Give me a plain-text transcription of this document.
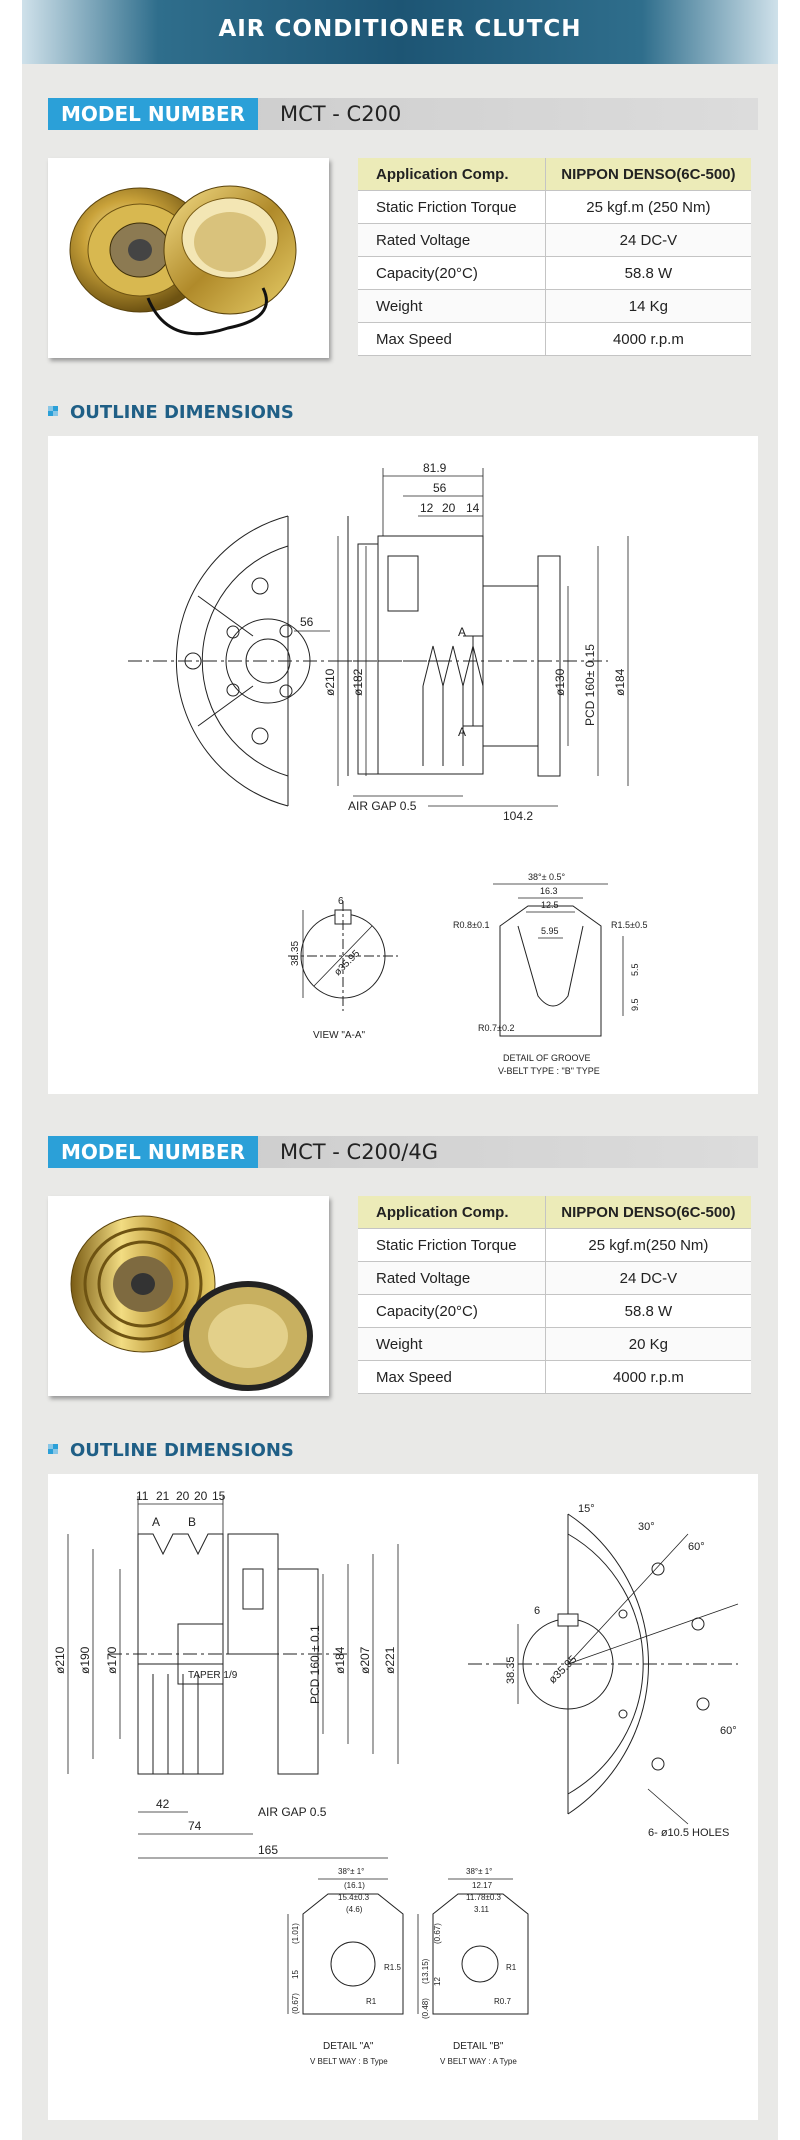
AIR CONDITIONER CLUTCH
MODEL NUMBER	MCT - C200
Application Comp.	NIPPON DENSO(6C-500)
Static Friction Torque	25 kgf.m (250 Nm)
Rated Voltage	24 DC-V
Capacity(20°C)	58.8 W
Weight	14 Kg
Max Speed	4000 r.p.m
OUTLINE DIMENSIONS
81.9
56
12 20 14
56
ø210 ø182	ø130 PCD 160± 0.15 ø184
A
A
AIR GAP 0.5
104.2
6
38.35	ø35.95
VIEW "A-A"
38°± 0.5°
16.3
12.5
5.95
R0.8±0.1	R1.5±0.5
5.5
9.5
R0.7±0.2
DETAIL OF GROOVE
V-BELT TYPE : "B" TYPE
MODEL NUMBER	MCT - C200/4G
Application Comp.	NIPPON DENSO(6C-500)
Static Friction Torque	25 kgf.m(250 Nm)
Rated Voltage	24 DC-V
Capacity(20°C)	58.8 W
Weight	20 Kg
Max Speed	4000 r.p.m
OUTLINE DIMENSIONS
11 21 20 20 15
A B
ø210 ø190 ø170	PCD 160 ± 0.1 ø184 ø207 ø221
TAPER 1/9
42
74
165
AIR GAP 0.5
15°
30°
60°
60°
6
38.35	ø35.95
6- ø10.5 HOLES
38°± 1°
(16.1)
15.4±0.3
(4.6)
(1.01)
15
(0.67)
R1.5
R1
DETAIL "A"
V BELT WAY : B Type
38°± 1°
12.17
11.78±0.3
3.11
(0.67)
(13.15) 12
(0.48)
R1
R0.7
DETAIL "B"
V BELT WAY : A Type
